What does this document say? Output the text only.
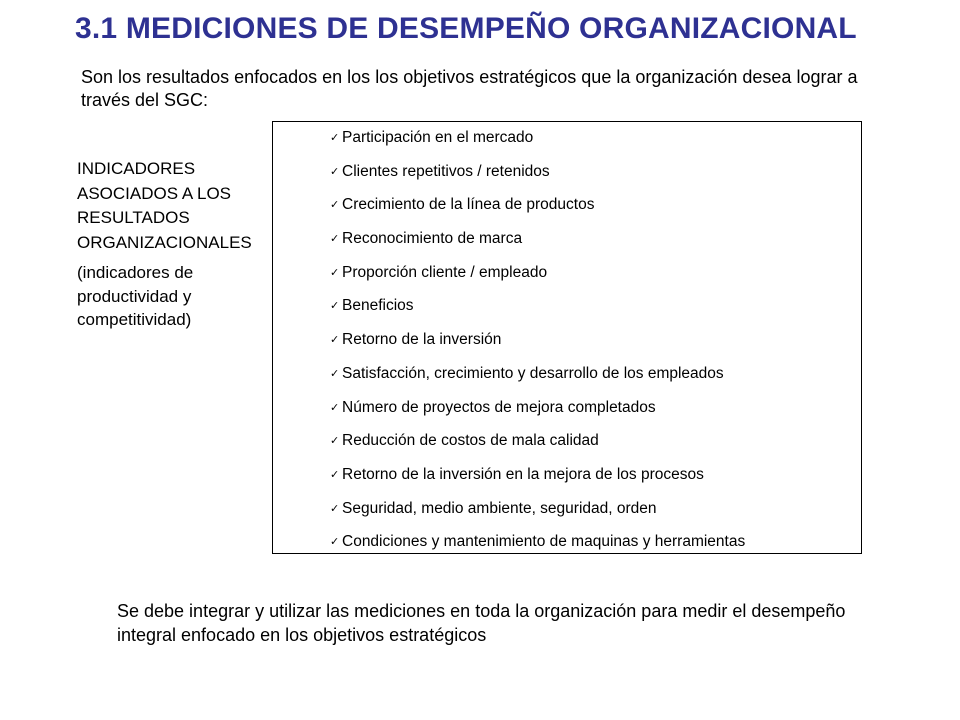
3.1 MEDICIONES DE DESEMPEÑO ORGANIZACIONAL
Son los resultados enfocados en los los objetivos estratégicos que la organización desea lograr a través del SGC:

INDICADORES ASOCIADOS A LOS RESULTADOS ORGANIZACIONALES

(indicadores de productividad y competitividad)

✓ Participación en el mercado
✓ Clientes repetitivos / retenidos
✓ Crecimiento de la línea de productos
✓ Reconocimiento de marca
✓ Proporción cliente / empleado
✓ Beneficios
✓ Retorno de la inversión
✓ Satisfacción, crecimiento y desarrollo de los empleados
✓ Número de proyectos de mejora completados
✓ Reducción de costos de mala calidad
✓ Retorno de la inversión en la mejora de los procesos
✓ Seguridad, medio ambiente, seguridad, orden
✓ Condiciones y mantenimiento de maquinas y herramientas
Se debe integrar y utilizar las mediciones en toda la organización para medir el desempeño integral enfocado en los objetivos estratégicos
